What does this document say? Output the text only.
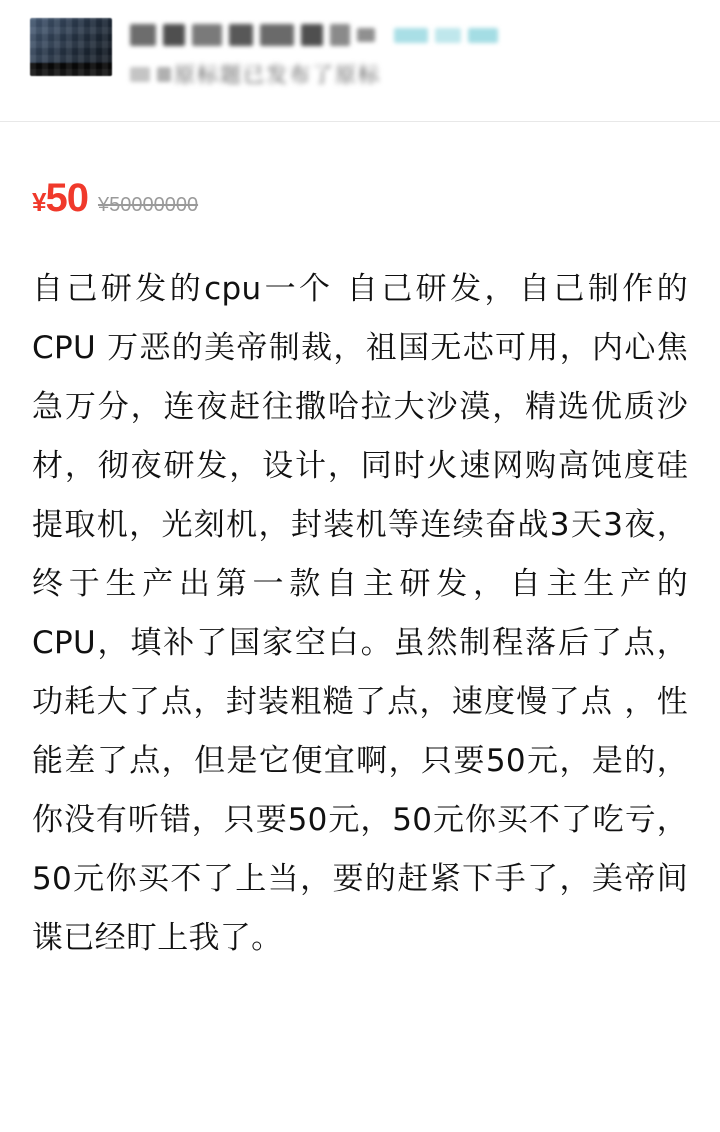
原标题已发布了原标
¥50 ¥50000000
自己研发的cpu一个 自己研发，自己制作的CPU 万恶的美帝制裁，祖国无芯可用，内心焦急万分，连夜赶往撒哈拉大沙漠，精选优质沙材，彻夜研发，设计，同时火速网购高饨度硅提取机，光刻机，封装机等连续奋战3天3夜，终于生产出第一款自主研发，自主生产的CPU，填补了国家空白。虽然制程落后了点，功耗大了点，封装粗糙了点，速度慢了点 ，性能差了点，但是它便宜啊，只要50元，是的，你没有听错，只要50元，50元你买不了吃亏，50元你买不了上当，要的赶紧下手了，美帝间谍已经盯上我了。
